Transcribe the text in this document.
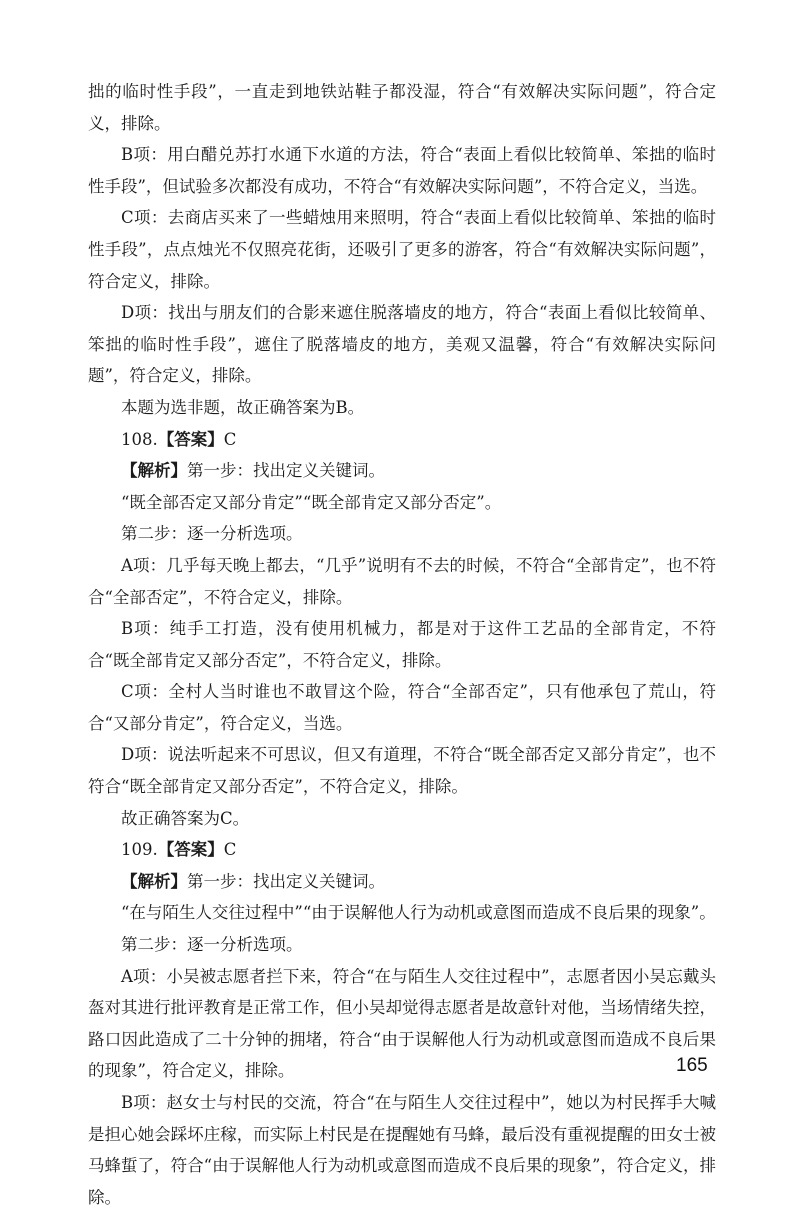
拙的临时性手段”，一直走到地铁站鞋子都没湿，符合“有效解决实际问题”，符合定义，排除。

B项：用白醋兑苏打水通下水道的方法，符合“表面上看似比较简单、笨拙的临时性手段”，但试验多次都没有成功，不符合“有效解决实际问题”，不符合定义，当选。

C项：去商店买来了一些蜡烛用来照明，符合“表面上看似比较简单、笨拙的临时性手段”，点点烛光不仅照亮花街，还吸引了更多的游客，符合“有效解决实际问题”，符合定义，排除。

D项：找出与朋友们的合影来遮住脱落墙皮的地方，符合“表面上看似比较简单、笨拙的临时性手段”，遮住了脱落墙皮的地方，美观又温馨，符合“有效解决实际问题”，符合定义，排除。

本题为选非题，故正确答案为B。

108.【答案】C

【解析】第一步：找出定义关键词。

“既全部否定又部分肯定”“既全部肯定又部分否定”。

第二步：逐一分析选项。

A项：几乎每天晚上都去，“几乎”说明有不去的时候，不符合“全部肯定”，也不符合“全部否定”，不符合定义，排除。

B项：纯手工打造，没有使用机械力，都是对于这件工艺品的全部肯定，不符合“既全部肯定又部分否定”，不符合定义，排除。

C项：全村人当时谁也不敢冒这个险，符合“全部否定”，只有他承包了荒山，符合“又部分肯定”，符合定义，当选。

D项：说法听起来不可思议，但又有道理，不符合“既全部否定又部分肯定”，也不符合“既全部肯定又部分否定”，不符合定义，排除。

故正确答案为C。

109.【答案】C

【解析】第一步：找出定义关键词。

“在与陌生人交往过程中”“由于误解他人行为动机或意图而造成不良后果的现象”。

第二步：逐一分析选项。

A项：小吴被志愿者拦下来，符合“在与陌生人交往过程中”，志愿者因小吴忘戴头盔对其进行批评教育是正常工作，但小吴却觉得志愿者是故意针对他，当场情绪失控，路口因此造成了二十分钟的拥堵，符合“由于误解他人行为动机或意图而造成不良后果的现象”，符合定义，排除。

B项：赵女士与村民的交流，符合“在与陌生人交往过程中”，她以为村民挥手大喊是担心她会踩坏庄稼，而实际上村民是在提醒她有马蜂，最后没有重视提醒的田女士被马蜂蜇了，符合“由于误解他人行为动机或意图而造成不良后果的现象”，符合定义，排除。

165
